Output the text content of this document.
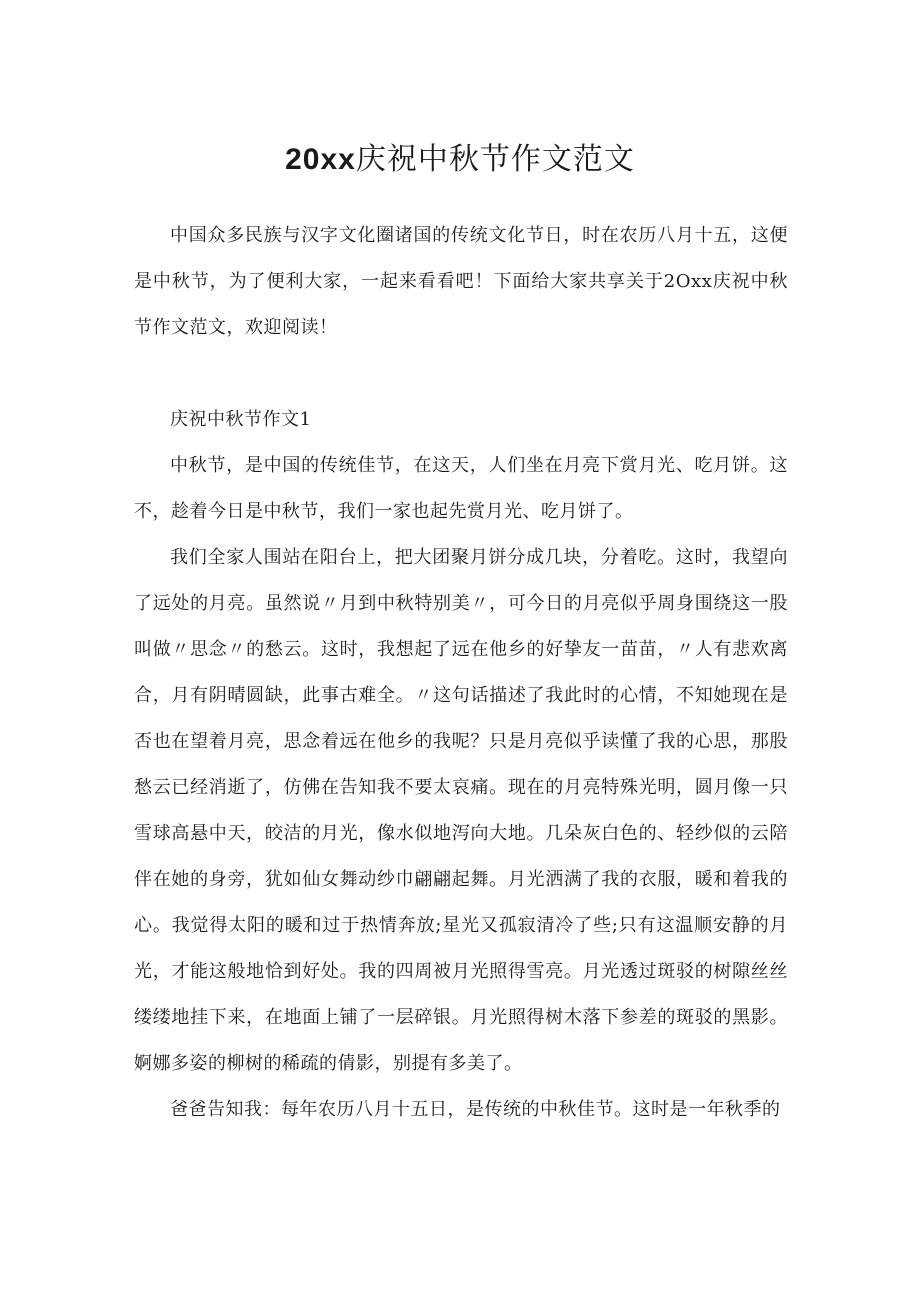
20xx庆祝中秋节作文范文

中国众多民族与汉字文化圈诸国的传统文化节日，时在农历八月十五，这便是中秋节，为了便利大家，一起来看看吧！下面给大家共享关于2Oxx庆祝中秋节作文范文，欢迎阅读！

庆祝中秋节作文1

中秋节，是中国的传统佳节，在这天，人们坐在月亮下赏月光、吃月饼。这不，趁着今日是中秋节，我们一家也起先赏月光、吃月饼了。

我们全家人围站在阳台上，把大团聚月饼分成几块，分着吃。这时，我望向了远处的月亮。虽然说〃月到中秋特别美〃，可今日的月亮似乎周身围绕这一股叫做〃思念〃的愁云。这时，我想起了远在他乡的好挚友一苗苗，〃人有悲欢离合，月有阴晴圆缺，此事古难全。〃这句话描述了我此时的心情，不知她现在是否也在望着月亮，思念着远在他乡的我呢？只是月亮似乎读懂了我的心思，那股愁云已经消逝了，仿佛在告知我不要太哀痛。现在的月亮特殊光明，圆月像一只雪球高悬中天，皎洁的月光，像水似地泻向大地。几朵灰白色的、轻纱似的云陪伴在她的身旁，犹如仙女舞动纱巾翩翩起舞。月光洒满了我的衣服，暖和着我的心。我觉得太阳的暖和过于热情奔放;星光又孤寂清冷了些;只有这温顺安静的月光，才能这般地恰到好处。我的四周被月光照得雪亮。月光透过斑驳的树隙丝丝缕缕地挂下来，在地面上铺了一层碎银。月光照得树木落下参差的斑驳的黑影。婀娜多姿的柳树的稀疏的倩影，别提有多美了。

爸爸告知我：每年农历八月十五日，是传统的中秋佳节。这时是一年秋季的
